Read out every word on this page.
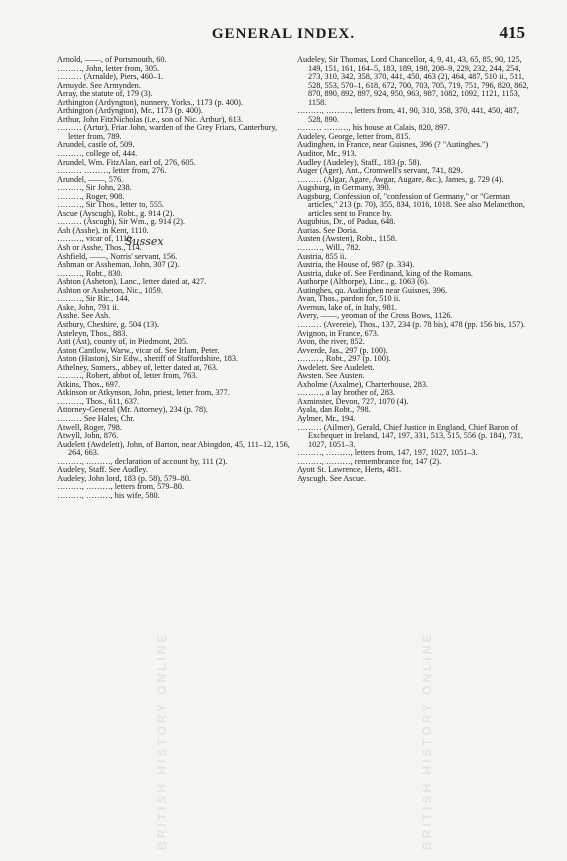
GENERAL INDEX.	415
BRITISH HISTORY ONLINE	BRITISH HISTORY ONLINE

Arnold, ——, of Portsmouth, 60.

………, John, letter from, 305.

……… (Arnalde), Piers, 460–1.

Arnuyde. See Armynden.

Array, the statute of, 179 (3).

Arthington (Ardyngton), nunnery, Yorks., 1173 (p. 400).

Arthington (Ardyngton), Mr., 1173 (p. 400).

Arthur, John FitzNicholas (i.e., son of Nic. Arthur), 613.

……… (Artur), Friar John, warden of the Grey Friars, Canterbury, letter from, 789.

Arundel, castle of, 509.

………, college of, 444.

Arundel, Wm. FitzAlan, earl of, 276, 605.

……… ………, letter from, 276.

Arundel, ——, 576.

………, Sir John, 238.

………, Roger, 908.

………, Sir Thos., letter to, 555.

Ascue (Ayscugh), Robt., g. 914 (2).

……… (Ascugh), Sir Wm., g. 914 (2).

Ash (Asshe), in Kent, 1110.

………, vicar of, 1110.

Ash or Asshe, Thos., 114.

Ashfield, ——, Norris' servant, 156.

Ashman or Assheman, John, 307 (2).

………, Robt., 830.

Ashton (Asheton), Lanc., letter dated at, 427.

Ashton or Assheton, Nic., 1059.

………, Sir Ric., 144.

Aske, John, 791 ii.

Asshe. See Ash.

Astbury, Cheshire, g. 504 (13).

Asteleyn, Thos., 883.

Asti (Ast), county of, in Piedmont, 205.

Aston Cantlow, Warw., vicar of. See Irlam, Peter.

Aston (Haston), Sir Edw., sheriff of Staffordshire, 183.

Athelney, Somers., abbey of, letter dated at, 763.

………, Robert, abbot of, letter from, 763.

Atkins, Thos., 697.

Atkinson or Atkynson, John, priest, letter from, 377.

………, Thos., 611, 637.

Attorney-General (Mr. Attorney), 234 (p. 78).

……… See Hales, Chr.

Atwell, Roger, 798.

Atwyll, John, 876.

Audelett (Awdelett), John, of Barton, near Abingdon, 45, 111–12, 156, 264, 663.

………, ………, declaration of account by, 111 (2).

Audeley, Staff. See Audley.

Audeley, John lord, 183 (p. 58), 579–80.

………, ………, letters from, 579–80.

………, ………, his wife, 580.

Audeley, Sir Thomas, Lord Chancellor, 4, 9, 41, 43, 65, 85, 90, 125, 149, 151, 161, 164–5, 183, 189, 198, 208–9, 229, 232, 244, 254, 273, 310, 342, 358, 370, 441, 450, 463 (2), 464, 487, 510 ii., 511, 528, 553, 570–1, 618, 672, 700, 703, 705, 719, 751, 796, 820, 862, 870, 890, 892, 897, 924, 950, 963, 987, 1082, 1092, 1121, 1153, 1158.

………, ………, letters from, 41, 90, 310, 358, 370, 441, 450, 487, 528, 890.

……… ………, his house at Calais, 820, 897.

Audeley, George, letter from, 815.

Audinghen, in France, near Guisnes, 396 (? "Autinghes.")

Auditor, Mr., 913.

Audley (Audeley), Staff., 183 (p. 58).

Auger (Ager), Ant., Cromwell's servant, 741, 829.

……… (Algar, Agare, Awgar, Augare, &c.), James, g. 729 (4).

Augsburg, in Germany, 390.

Augsburg, Confession of, "confession of Germany," or "German articles," 213 (p. 70), 355, 834, 1016, 1018. See also Melancthon, articles sent to France by.

Augubius, Dr., of Padua, 648.

Aurias. See Doria.

Austen (Awsten), Robt., 1158.

………, Will., 782.

Austria, 855 ii.

Austria, the House of, 987 (p. 334).

Austria, duke of. See Ferdinand, king of the Romans.

Authorpe (Althorpe), Linc., g. 1063 (6).

Autinghes, qu. Audinghen near Guisnes, 396.

Avan, Thos., pardon for, 510 ii.

Avernus, lake of, in Italy, 981.

Avery, ——, yeoman of the Cross Bows, 1126.

……… (Avereie), Thos., 137, 234 (p. 78 bis), 478 (pp. 156 bis, 157).

Avignon, in France, 673.

Avon, the river, 852.

Avverde, Jas., 297 (p. 100).

………, Robt., 297 (p. 100).

Awdelett. See Audelett.

Awsten. See Austen.

Axholme (Axalme), Charterhouse, 283.

………, a lay brother of, 283.

Axminster, Devon, 727, 1070 (4).

Ayala, dan Robt., 798.

Aylmer, Mr., 194.

……… (Ailmer), Gerald, Chief Justice in England, Chief Baron of Exchequer in Ireland, 147, 197, 331, 513, 515, 556 (p. 184), 731, 1027, 1051–3.

………, ………, letters from, 147, 197, 1027, 1051–3.

………, ………, remembrance for, 147 (2).

Ayott St. Lawrence, Herts, 481.

Ayscugh. See Ascue.

Sussex
